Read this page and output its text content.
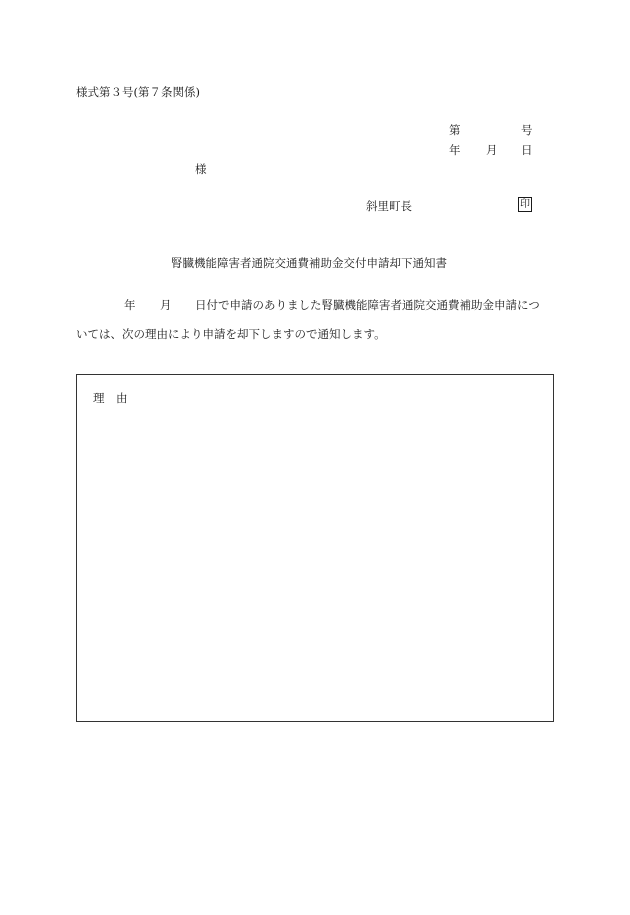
様式第３号(第７条関係)
第	号
年 月 日
様
斜里町長	印
腎臓機能障害者通院交通費補助金交付申請却下通知書
年 月 日付で申請のありました腎臓機能障害者通院交通費補助金申請につ
いては、次の理由により申請を却下しますので通知します。
理　由
